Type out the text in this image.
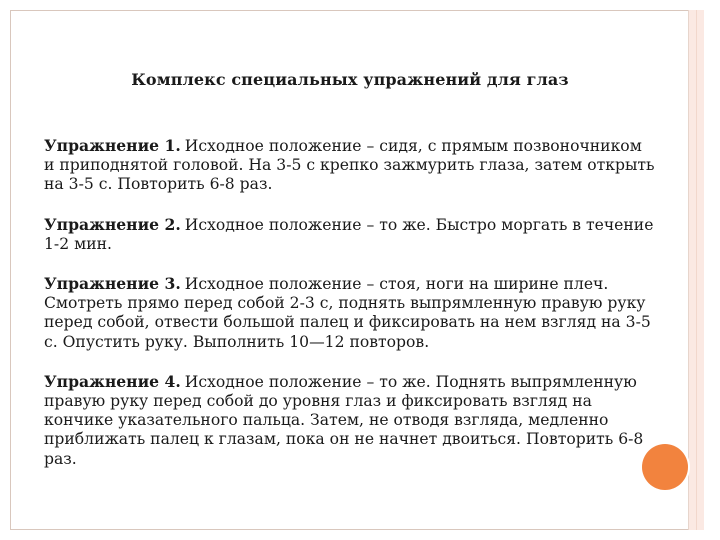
Комплекс специальных упражнений для глаз

Упражнение 1. Исходное положение – сидя, с прямым позвоночником и приподнятой головой. На 3-5 с крепко зажмурить глаза, затем открыть на 3-5 с. Повторить 6-8 раз.

Упражнение 2. Исходное положение – то же. Быстро моргать в течение 1-2 мин.

Упражнение 3. Исходное положение – стоя, ноги на ширине плеч. Смотреть прямо перед собой 2-3 с, поднять выпрямленную правую руку перед собой, отвести большой палец и фиксировать на нем взгляд на 3-5 с. Опустить руку. Выполнить 10—12 повторов.

Упражнение 4. Исходное положение – то же. Поднять выпрямленную правую руку перед собой до уровня глаз и фиксировать взгляд на кончике указательного пальца. Затем, не отводя взгляда, медленно приближать палец к глазам, пока он не начнет двоиться. Повторить 6-8 раз.
